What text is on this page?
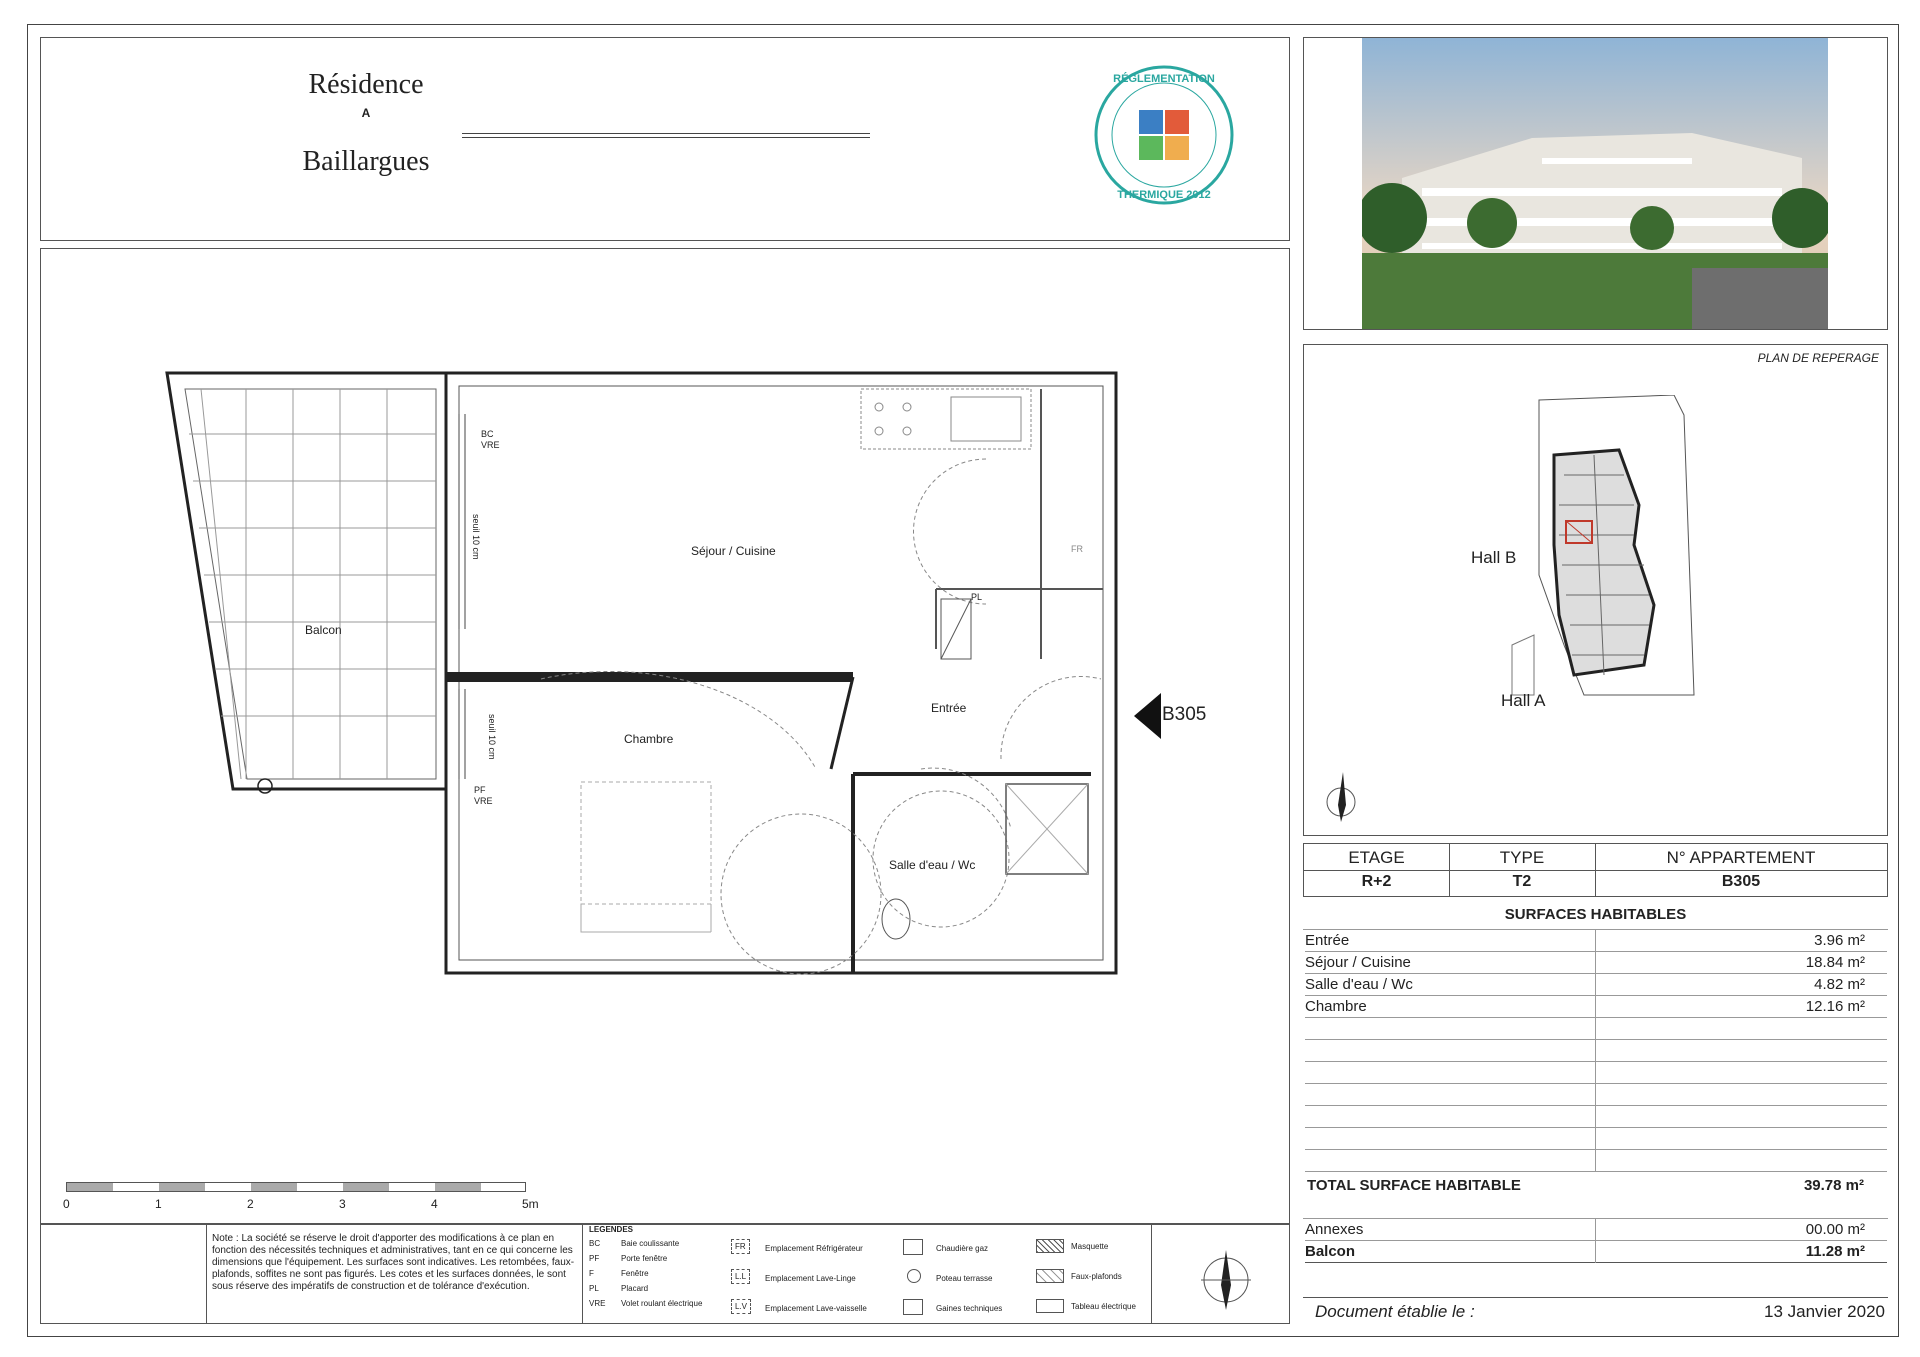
Résidence
A
Baillargues
RÉGLEMENTATION
THERMIQUE 2012
Séjour / Cuisine
Balcon
Chambre
Entrée
Salle d'eau / Wc
BC
VRE
PF
VRE
PL
FR
seuil 10 cm
seuil 10 cm	B305
0	1	2	3	4	5m
Note : La société se réserve le droit d'apporter des modifications à ce plan en fonction des nécessités techniques et administratives, tant en ce qui concerne les dimensions que l'équipement. Les surfaces sont indicatives. Les retombées, faux-plafonds, soffites ne sont pas figurés. Les cotes et les surfaces données, le sont sous réserve des impératifs de construction et de tolérance d'exécution.
LEGENDES
BC	Baie coulissante
PF	Porte fenêtre
F	Fenêtre
PL	Placard
VRE Volet roulant électrique
FR	Emplacement Réfrigérateur
L.L	Emplacement Lave-Linge
L.V	Emplacement Lave-vaisselle
Chaudière gaz
Poteau terrasse
Gaines techniques
Masquette
Faux-plafonds
Tableau électrique
PLAN DE REPERAGE
Hall B
Hall A
ETAGE	TYPE	N° APPARTEMENT
R+2	T2	B305
SURFACES HABITABLES
Entrée	3.96 m²
Séjour / Cuisine	18.84 m²
Salle d'eau / Wc	4.82 m²
Chambre	12.16 m²
TOTAL SURFACE HABITABLE	39.78 m²
Annexes	00.00 m²
Balcon	11.28 m²
Document établie le :	13 Janvier 2020
